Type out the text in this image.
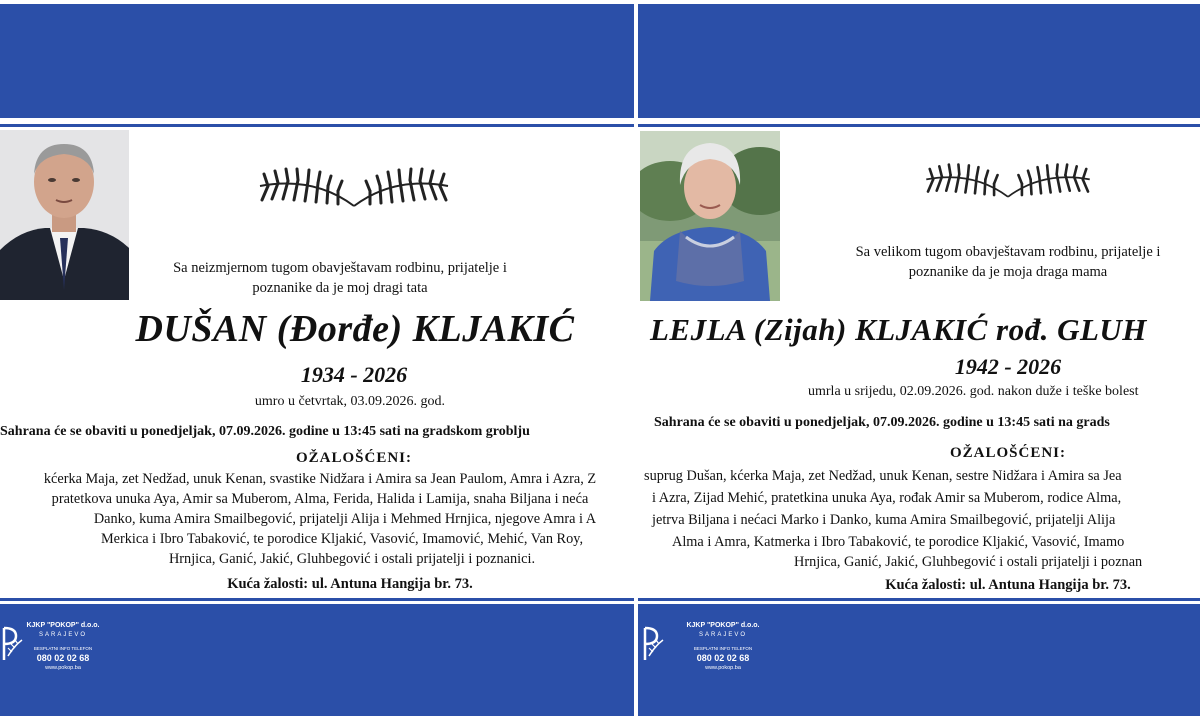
Sa neizmjernom tugom obavještavam rodbinu, prijatelje i
poznanike da je moj dragi tata
DUŠAN (Đorđe) KLJAKIĆ
1934 - 2026
umro u četvrtak, 03.09.2026. god.
Sahrana će se obaviti u ponedjeljak, 07.09.2026. godine u 13:45 sati na gradskom groblju
OŽALOŠĆENI:
kćerka Maja, zet Nedžad, unuk Kenan, svastike Nidžara i Amira sa Jean Paulom, Amra i Azra, Z
pratetkova unuka Aya, Amir sa Muberom, Alma, Ferida, Halida i Lamija, snaha Biljana i neća
Danko, kuma Amira Smailbegović, prijatelji Alija i Mehmed Hrnjica, njegove Amra i A
Merkica i Ibro Tabaković, te porodice Kljakić, Vasović, Imamović, Mehić, Van Roy,
Hrnjica, Ganić, Jakić, Gluhbegović i ostali prijatelji i poznanici.
Kuća žalosti: ul. Antuna Hangija br. 73.
KJKP "POKOP" d.o.o.
SARAJEVO
BESPLATNI INFO TELEFON
080 02 02 68
www.pokop.ba
Sa velikom tugom obavještavam rodbinu, prijatelje i
poznanike da je moja draga mama
LEJLA (Zijah) KLJAKIĆ rođ. GLUH
1942 - 2026
umrla u srijedu, 02.09.2026. god. nakon duže i teške bolest
Sahrana će se obaviti u ponedjeljak, 07.09.2026. godine u 13:45 sati na grads
OŽALOŠĆENI:
suprug Dušan, kćerka Maja, zet Nedžad, unuk Kenan, sestre Nidžara i Amira sa Jea
i Azra, Zijad Mehić, pratetkina unuka Aya, rođak Amir sa Muberom, rodice Alma,
jetrva Biljana i nećaci Marko i Danko, kuma Amira Smailbegović, prijatelji Alija
Alma i Amra, Katmerka i Ibro Tabaković, te porodice Kljakić, Vasović, Imamo
Hrnjica, Ganić, Jakić, Gluhbegović i ostali prijatelji i poznan
Kuća žalosti: ul. Antuna Hangija br. 73.
KJKP "POKOP" d.o.o.
SARAJEVO
BESPLATNI INFO TELEFON
080 02 02 68
www.pokop.ba
